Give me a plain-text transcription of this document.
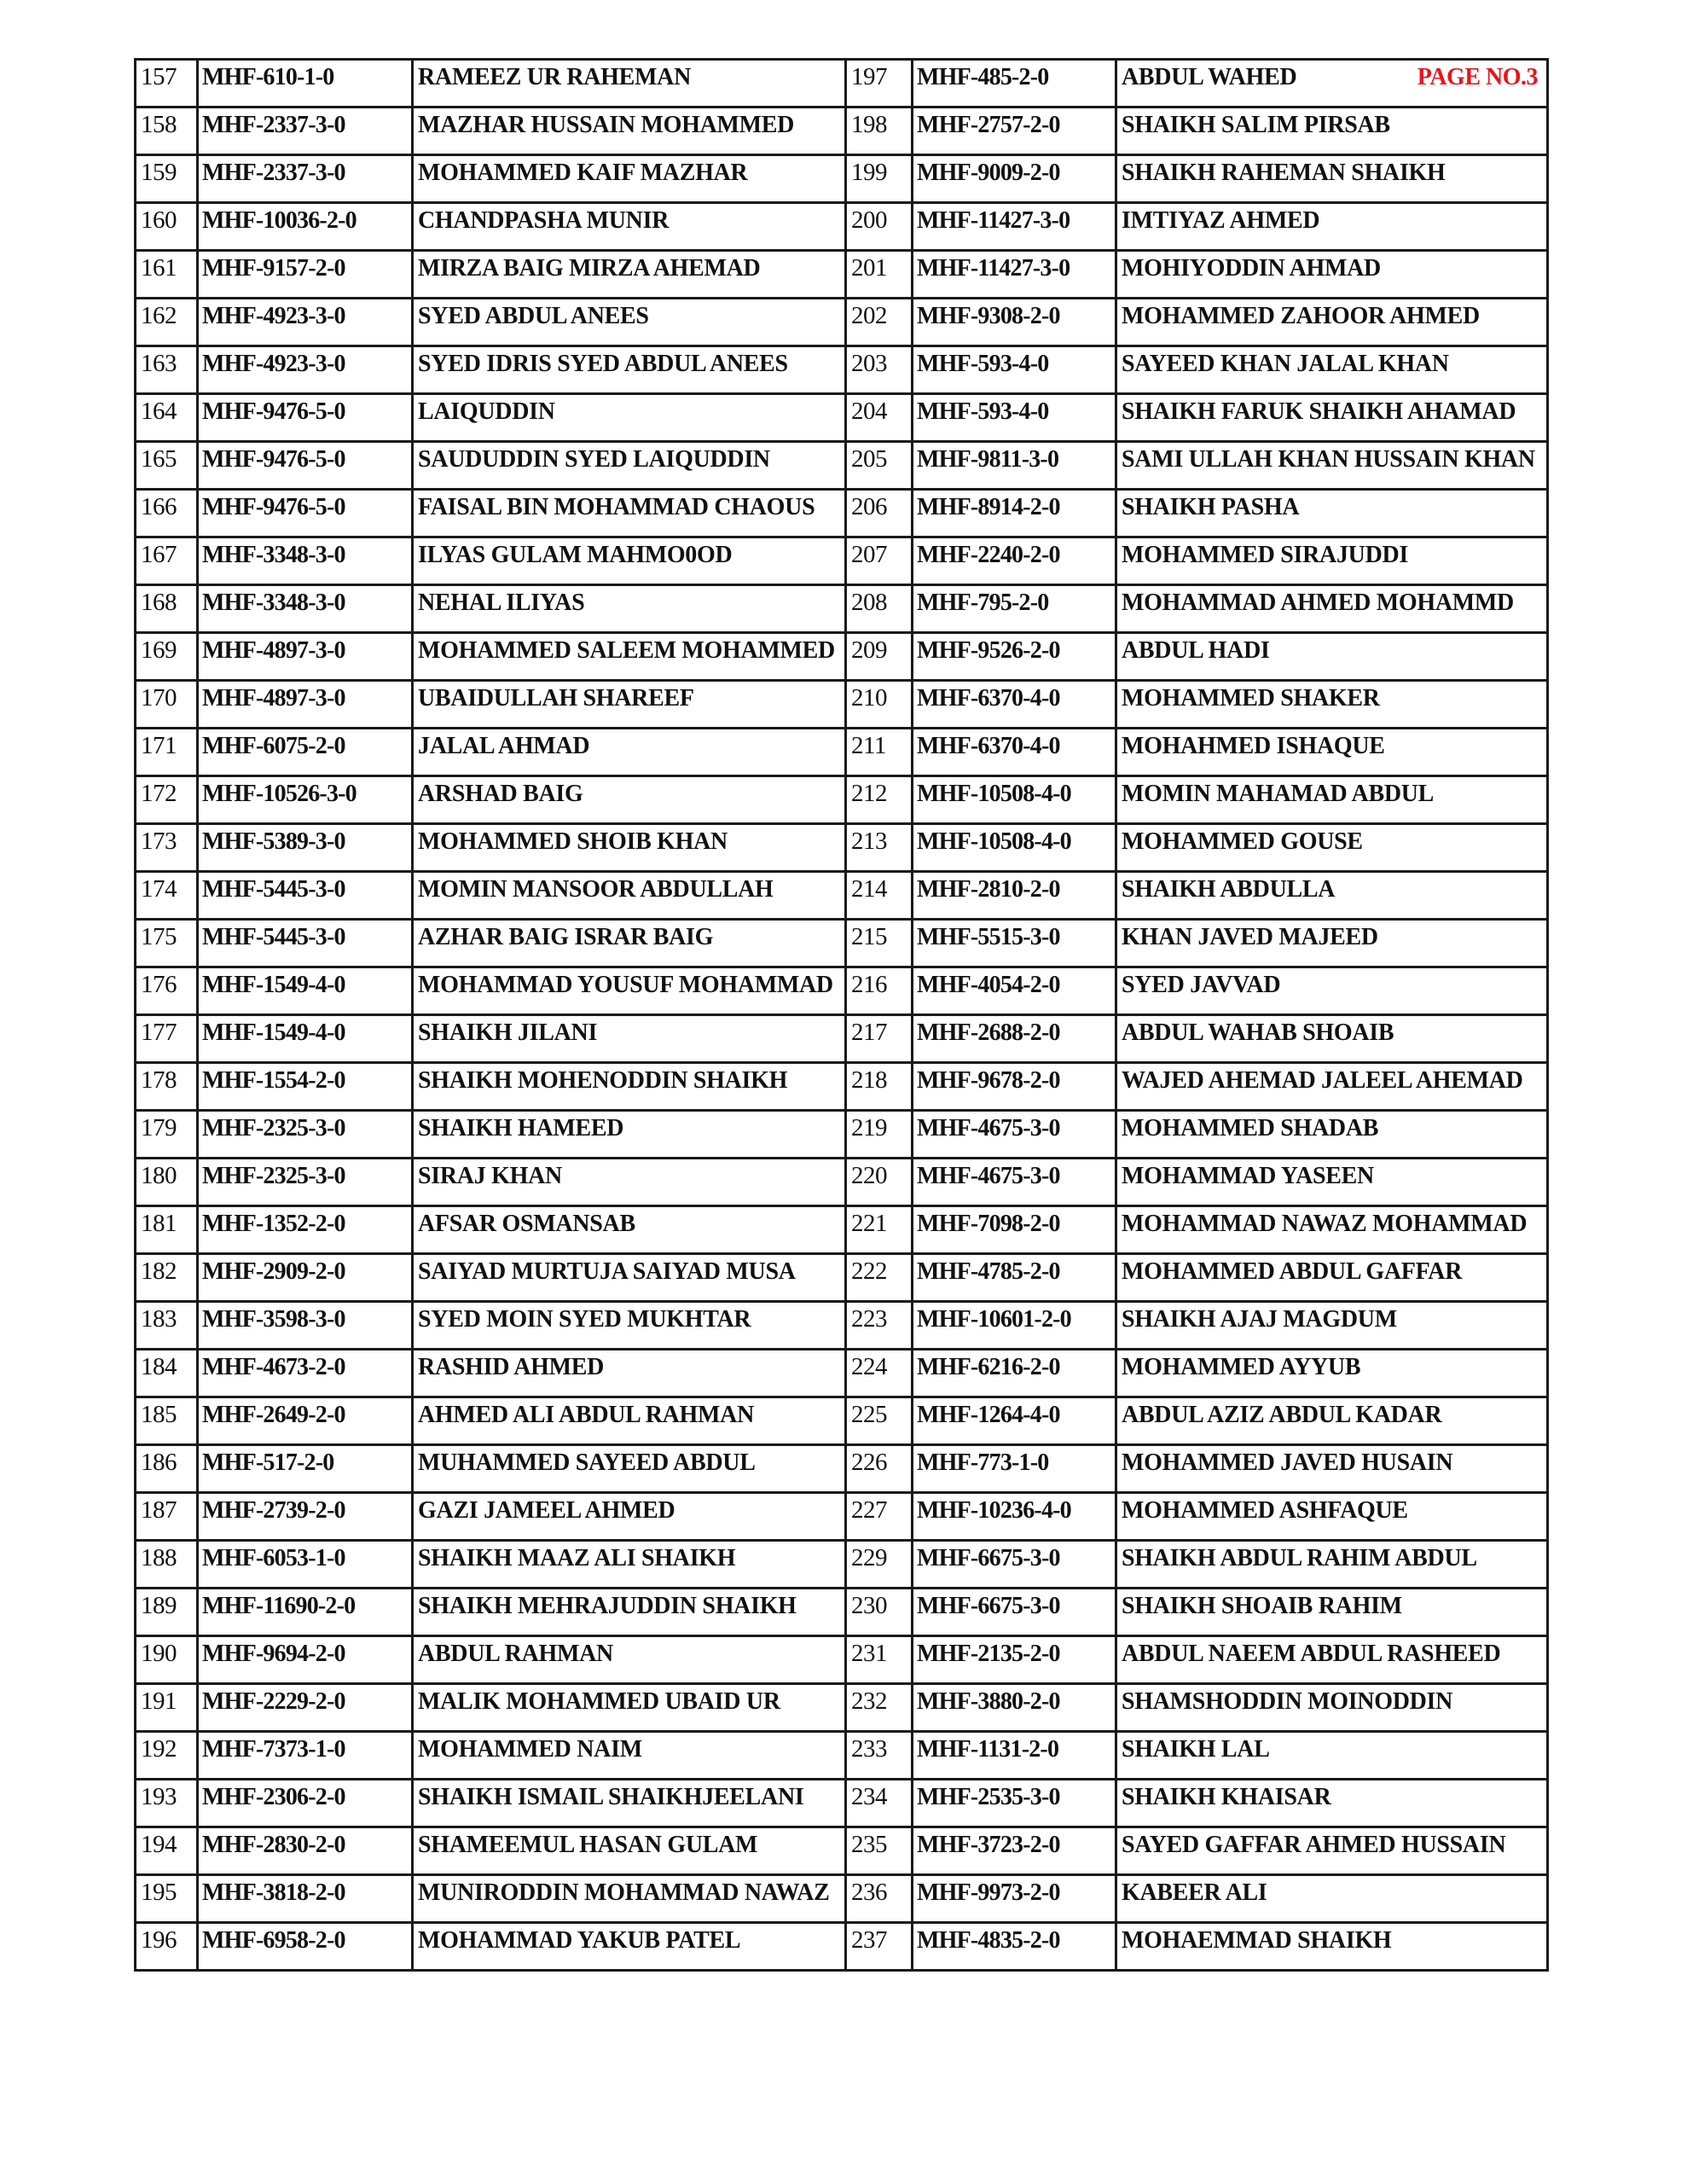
157	MHF-610-1-0	RAMEEZ UR RAHEMAN	197	MHF-485-2-0	ABDUL WAHED PAGE NO.3

158	MHF-2337-3-0	MAZHAR HUSSAIN MOHAMMED	198	MHF-2757-2-0	SHAIKH SALIM PIRSAB

159	MHF-2337-3-0	MOHAMMED KAIF MAZHAR	199	MHF-9009-2-0	SHAIKH RAHEMAN SHAIKH

160	MHF-10036-2-0	CHANDPASHA MUNIR	200	MHF-11427-3-0	IMTIYAZ AHMED

161	MHF-9157-2-0	MIRZA BAIG MIRZA AHEMAD	201	MHF-11427-3-0	MOHIYODDIN AHMAD

162	MHF-4923-3-0	SYED ABDUL ANEES	202	MHF-9308-2-0	MOHAMMED ZAHOOR AHMED

163	MHF-4923-3-0	SYED IDRIS SYED ABDUL ANEES	203	MHF-593-4-0	SAYEED KHAN JALAL KHAN

164	MHF-9476-5-0	LAIQUDDIN	204	MHF-593-4-0	SHAIKH FARUK SHAIKH AHAMAD

165	MHF-9476-5-0	SAUDUDDIN SYED LAIQUDDIN	205	MHF-9811-3-0	SAMI ULLAH KHAN HUSSAIN KHAN

166	MHF-9476-5-0	FAISAL BIN MOHAMMAD CHAOUS	206	MHF-8914-2-0	SHAIKH PASHA

167	MHF-3348-3-0	ILYAS GULAM MAHMO0OD	207	MHF-2240-2-0	MOHAMMED SIRAJUDDI

168	MHF-3348-3-0	NEHAL ILIYAS	208	MHF-795-2-0	MOHAMMAD AHMED MOHAMMD

169	MHF-4897-3-0	MOHAMMED SALEEM MOHAMMED	209	MHF-9526-2-0	ABDUL HADI

170	MHF-4897-3-0	UBAIDULLAH SHAREEF	210	MHF-6370-4-0	MOHAMMED SHAKER

171	MHF-6075-2-0	JALAL AHMAD	211	MHF-6370-4-0	MOHAHMED ISHAQUE

172	MHF-10526-3-0	ARSHAD BAIG	212	MHF-10508-4-0	MOMIN MAHAMAD ABDUL

173	MHF-5389-3-0	MOHAMMED SHOIB KHAN	213	MHF-10508-4-0	MOHAMMED GOUSE

174	MHF-5445-3-0	MOMIN MANSOOR ABDULLAH	214	MHF-2810-2-0	SHAIKH ABDULLA

175	MHF-5445-3-0	AZHAR BAIG ISRAR BAIG	215	MHF-5515-3-0	KHAN JAVED MAJEED

176	MHF-1549-4-0	MOHAMMAD YOUSUF MOHAMMAD	216	MHF-4054-2-0	SYED JAVVAD

177	MHF-1549-4-0	SHAIKH JILANI	217	MHF-2688-2-0	ABDUL WAHAB SHOAIB

178	MHF-1554-2-0	SHAIKH MOHENODDIN SHAIKH	218	MHF-9678-2-0	WAJED AHEMAD JALEEL AHEMAD

179	MHF-2325-3-0	SHAIKH HAMEED	219	MHF-4675-3-0	MOHAMMED SHADAB

180	MHF-2325-3-0	SIRAJ KHAN	220	MHF-4675-3-0	MOHAMMAD YASEEN

181	MHF-1352-2-0	AFSAR OSMANSAB	221	MHF-7098-2-0	MOHAMMAD NAWAZ MOHAMMAD

182	MHF-2909-2-0	SAIYAD MURTUJA SAIYAD MUSA	222	MHF-4785-2-0	MOHAMMED ABDUL GAFFAR

183	MHF-3598-3-0	SYED MOIN SYED MUKHTAR	223	MHF-10601-2-0	SHAIKH AJAJ MAGDUM

184	MHF-4673-2-0	RASHID AHMED	224	MHF-6216-2-0	MOHAMMED AYYUB

185	MHF-2649-2-0	AHMED ALI ABDUL RAHMAN	225	MHF-1264-4-0	ABDUL AZIZ ABDUL KADAR

186	MHF-517-2-0	MUHAMMED SAYEED ABDUL	226	MHF-773-1-0	MOHAMMED JAVED HUSAIN

187	MHF-2739-2-0	GAZI JAMEEL AHMED	227	MHF-10236-4-0	MOHAMMED ASHFAQUE

188	MHF-6053-1-0	SHAIKH MAAZ ALI SHAIKH	229	MHF-6675-3-0	SHAIKH ABDUL RAHIM ABDUL

189	MHF-11690-2-0	SHAIKH MEHRAJUDDIN SHAIKH	230	MHF-6675-3-0	SHAIKH SHOAIB RAHIM

190	MHF-9694-2-0	ABDUL RAHMAN	231	MHF-2135-2-0	ABDUL NAEEM ABDUL RASHEED

191	MHF-2229-2-0	MALIK MOHAMMED UBAID UR	232	MHF-3880-2-0	SHAMSHODDIN MOINODDIN

192	MHF-7373-1-0	MOHAMMED NAIM	233	MHF-1131-2-0	SHAIKH LAL

193	MHF-2306-2-0	SHAIKH ISMAIL SHAIKHJEELANI	234	MHF-2535-3-0	SHAIKH KHAISAR

194	MHF-2830-2-0	SHAMEEMUL HASAN GULAM	235	MHF-3723-2-0	SAYED GAFFAR AHMED HUSSAIN

195	MHF-3818-2-0	MUNIRODDIN MOHAMMAD NAWAZ	236	MHF-9973-2-0	KABEER ALI

196	MHF-6958-2-0	MOHAMMAD YAKUB PATEL	237	MHF-4835-2-0	MOHAEMMAD SHAIKH
